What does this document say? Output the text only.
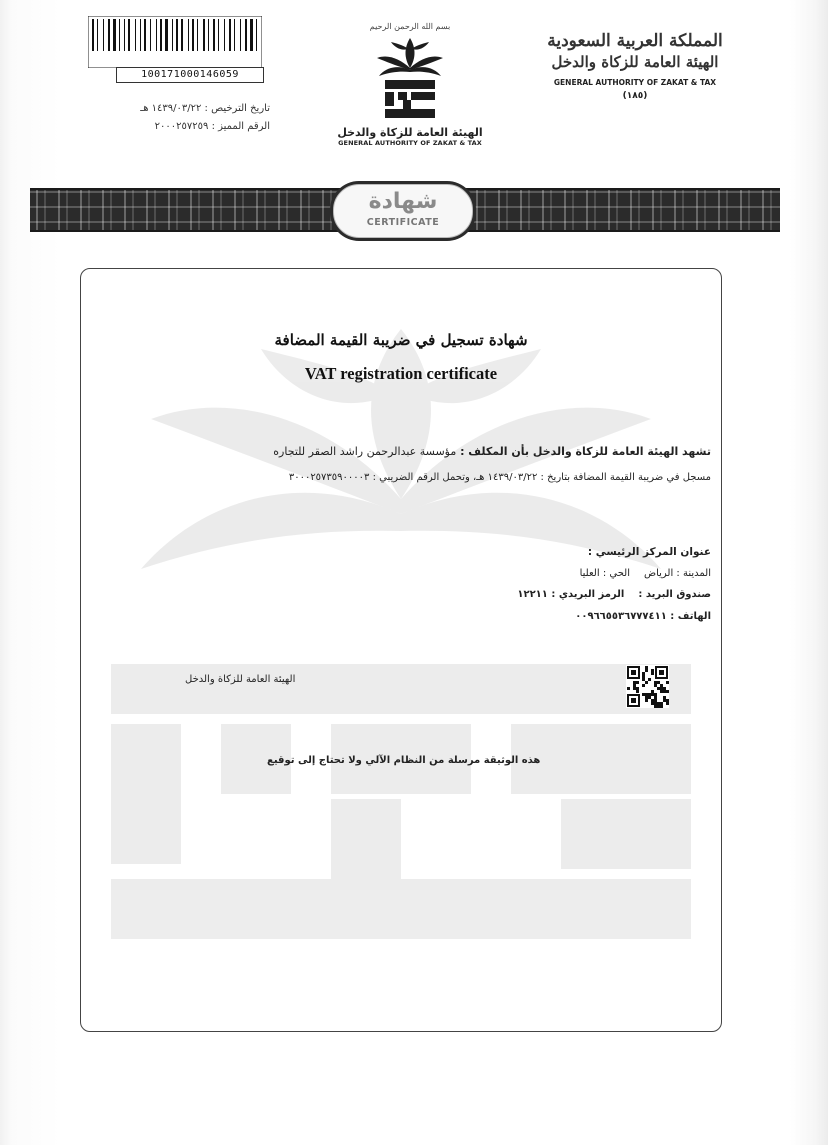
100171000146059
تاريخ الترخيص : ١٤٣٩/٠٣/٢٢ هـ
الرقم المميز : ٢٠٠٠٢٥٧٢٥٩
بسم الله الرحمن الرحيم
الهيئة العامة للزكاة والدخل
GENERAL AUTHORITY OF ZAKAT & TAX
المملكة العربية السعودية
الهيئة العامة للزكاة والدخل
GENERAL AUTHORITY OF ZAKAT & TAX
(١٨٥)
شهادة
CERTIFICATE
شهادة تسجيل في ضريبة القيمة المضافة
VAT registration certificate
تشهد الهيئة العامة للزكاة والدخل بأن المكلف : مؤسسة عبدالرحمن راشد الصقر للتجاره
مسجل في ضريبة القيمة المضافة بتاريخ : ١٤٣٩/٠٣/٢٢ هـ، وتحمل الرقم الضريبي : ٣٠٠٠٢٥٧٣٥٩٠٠٠٠٣
عنوان المركز الرئيسي :
المدينة : الرياضالحي : العليا
صندوق البريد :الرمز البريدي : ١٢٢١١
الهاتف : ٠٠٩٦٦٥٥٣٦٧٧٧٤١١
الهيئة العامة للزكاة والدخل
هذه الوثيقة مرسلة من النظام الآلي ولا تحتاج إلى توقيع
